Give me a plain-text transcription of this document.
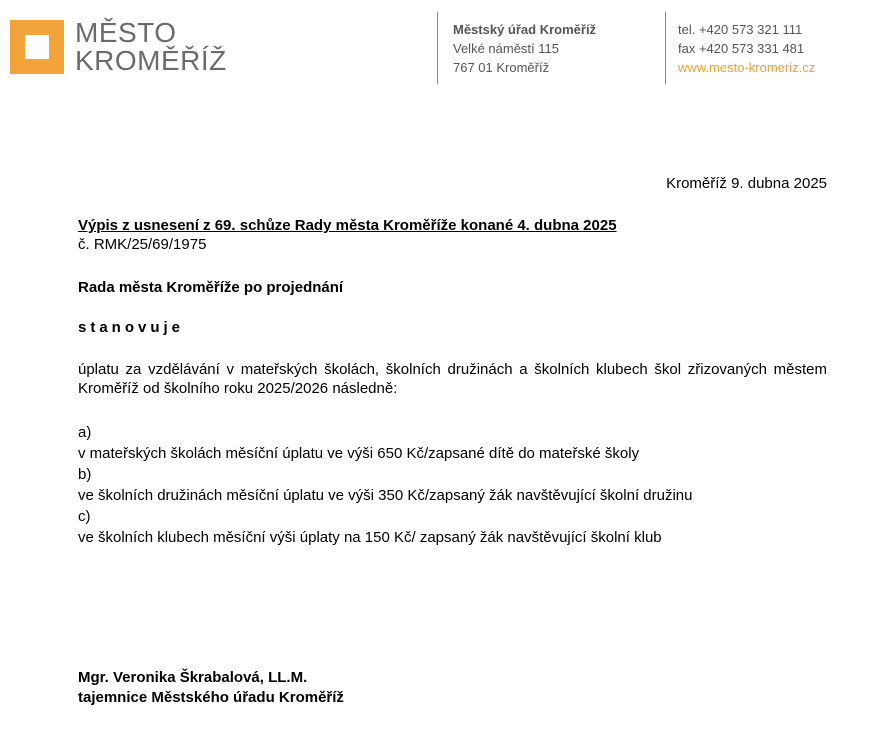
MĚSTO
KROMĚŘÍŽ
Městský úřad Kroměříž
Velké náměstí 115
767 01 Kroměříž
tel. +420 573 321 111
fax +420 573 331 481
www.mesto-kromeriz.cz
Kroměříž 9. dubna 2025
Výpis z usnesení z 69. schůze Rady města Kroměříže konané 4. dubna 2025
č. RMK/25/69/1975
Rada města Kroměříže po projednání
stanovuje
úplatu za vzdělávání v mateřských školách, školních družinách a školních klubech škol zřizovaných městem Kroměříž od školního roku 2025/2026 následně:
a)
v mateřských školách měsíční úplatu ve výši 650 Kč/zapsané dítě do mateřské školy
b)
ve školních družinách měsíční úplatu ve výši 350 Kč/zapsaný žák navštěvující školní družinu
c)
ve školních klubech měsíční výši úplaty na 150 Kč/ zapsaný žák navštěvující školní klub
Mgr. Veronika Škrabalová, LL.M.
tajemnice Městského úřadu Kroměříž
